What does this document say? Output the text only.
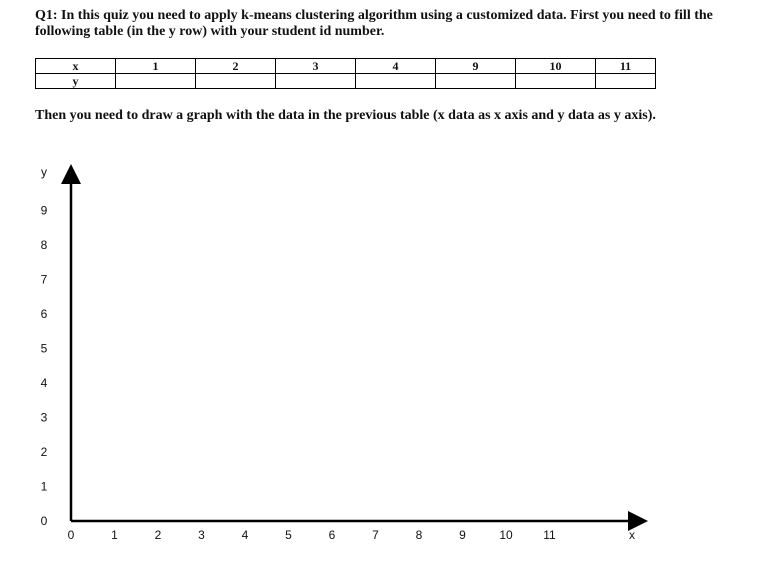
Q1: In this quiz you need to apply k-means clustering algorithm using a customized data. First you need to fill the following table (in the y row) with your student id number.
x	1	2	3	4	9	10	11
y							
Then you need to draw a graph with the data in the previous table (x data as x axis and y data as y axis).
y
x
0	1	2	3	4	5	6	7	8	9	10	11
0
1
2
3
4
5
6
7
8
9
